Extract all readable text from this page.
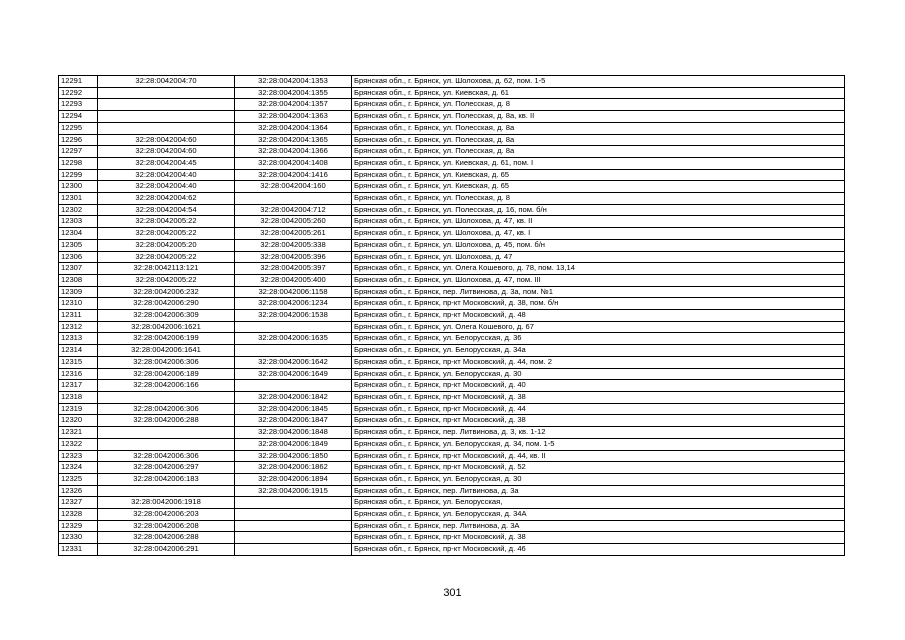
12291	32:28:0042004:70	32:28:0042004:1353	Брянская обл., г. Брянск, ул. Шолохова, д. 62, пом. 1-5
12292		32:28:0042004:1355	Брянская обл., г. Брянск, ул. Киевская, д. 61
12293		32:28:0042004:1357	Брянская обл., г. Брянск, ул. Полесская, д. 8
12294		32:28:0042004:1363	Брянская обл., г. Брянск, ул. Полесская, д. 8а, кв. II
12295		32:28:0042004:1364	Брянская обл., г. Брянск, ул. Полесская, д. 8а
12296	32:28:0042004:60	32:28:0042004:1365	Брянская обл., г. Брянск, ул. Полесская, д. 8а
12297	32:28:0042004:60	32:28:0042004:1366	Брянская обл., г. Брянск, ул. Полесская, д. 8а
12298	32:28:0042004:45	32:28:0042004:1408	Брянская обл., г. Брянск, ул. Киевская, д. 61, пом. I
12299	32:28:0042004:40	32:28:0042004:1416	Брянская обл., г. Брянск, ул. Киевская, д. 65
12300	32:28:0042004:40	32:28:0042004:160	Брянская обл., г. Брянск, ул. Киевская, д. 65
12301	32:28:0042004:62		Брянская обл., г. Брянск, ул. Полесская, д. 8
12302	32:28:0042004:54	32:28:0042004:712	Брянская обл., г. Брянск, ул. Полесская, д. 16, пом. б/н
12303	32:28:0042005:22	32:28:0042005:260	Брянская обл., г. Брянск, ул. Шолохова, д. 47, кв. II
12304	32:28:0042005:22	32:28:0042005:261	Брянская обл., г. Брянск, ул. Шолохова, д. 47, кв. I
12305	32:28:0042005:20	32:28:0042005:338	Брянская обл., г. Брянск, ул. Шолохова, д. 45, пом. б/н
12306	32:28:0042005:22	32:28:0042005:396	Брянская обл., г. Брянск, ул. Шолохова, д. 47
12307	32:28:0042113:121	32:28:0042005:397	Брянская обл., г. Брянск, ул. Олега Кошевого, д. 78, пом. 13,14
12308	32:28:0042005:22	32:28:0042005:400	Брянская обл., г. Брянск, ул. Шолохова, д. 47, пом. III
12309	32:28:0042006:232	32:28:0042006:1158	Брянская обл., г. Брянск, пер. Литвинова, д. 3а, пом. №1
12310	32:28:0042006:290	32:28:0042006:1234	Брянская обл., г. Брянск, пр-кт Московский, д. 38, пом. б/н
12311	32:28:0042006:309	32:28:0042006:1538	Брянская обл., г. Брянск, пр-кт Московский, д. 48
12312	32:28:0042006:1621		Брянская обл., г. Брянск, ул. Олега Кошевого, д. 67
12313	32:28:0042006:199	32:28:0042006:1635	Брянская обл., г. Брянск, ул. Белорусская, д. 36
12314	32:28:0042006:1641		Брянская обл., г. Брянск, ул. Белорусская, д. 34а
12315	32:28:0042006:306	32:28:0042006:1642	Брянская обл., г. Брянск, пр-кт Московский, д. 44, пом. 2
12316	32:28:0042006:189	32:28:0042006:1649	Брянская обл., г. Брянск, ул. Белорусская, д. 30
12317	32:28:0042006:166		Брянская обл., г. Брянск, пр-кт Московский, д. 40
12318		32:28:0042006:1842	Брянская обл., г. Брянск, пр-кт Московский, д. 38
12319	32:28:0042006:306	32:28:0042006:1845	Брянская обл., г. Брянск, пр-кт Московский, д. 44
12320	32:28:0042006:288	32:28:0042006:1847	Брянская обл., г. Брянск, пр-кт Московский, д. 38
12321		32:28:0042006:1848	Брянская обл., г. Брянск, пер. Литвинова, д. 3, кв. 1-12
12322		32:28:0042006:1849	Брянская обл., г. Брянск, ул. Белорусская, д. 34, пом. 1-5
12323	32:28:0042006:306	32:28:0042006:1850	Брянская обл., г. Брянск, пр-кт Московский, д. 44, кв. II
12324	32:28:0042006:297	32:28:0042006:1862	Брянская обл., г. Брянск, пр-кт Московский, д. 52
12325	32:28:0042006:183	32:28:0042006:1894	Брянская обл., г. Брянск, ул. Белорусская, д. 30
12326		32:28:0042006:1915	Брянская обл., г. Брянск, пер. Литвинова, д. 3а
12327	32:28:0042006:1918		Брянская обл., г. Брянск, ул. Белорусская,
12328	32:28:0042006:203		Брянская обл., г. Брянск, ул. Белорусская, д. 34А
12329	32:28:0042006:208		Брянская обл., г. Брянск, пер. Литвинова, д. 3А
12330	32:28:0042006:288		Брянская обл., г. Брянск, пр-кт Московский, д. 38
12331	32:28:0042006:291		Брянская обл., г. Брянск, пр-кт Московский, д. 46
301
